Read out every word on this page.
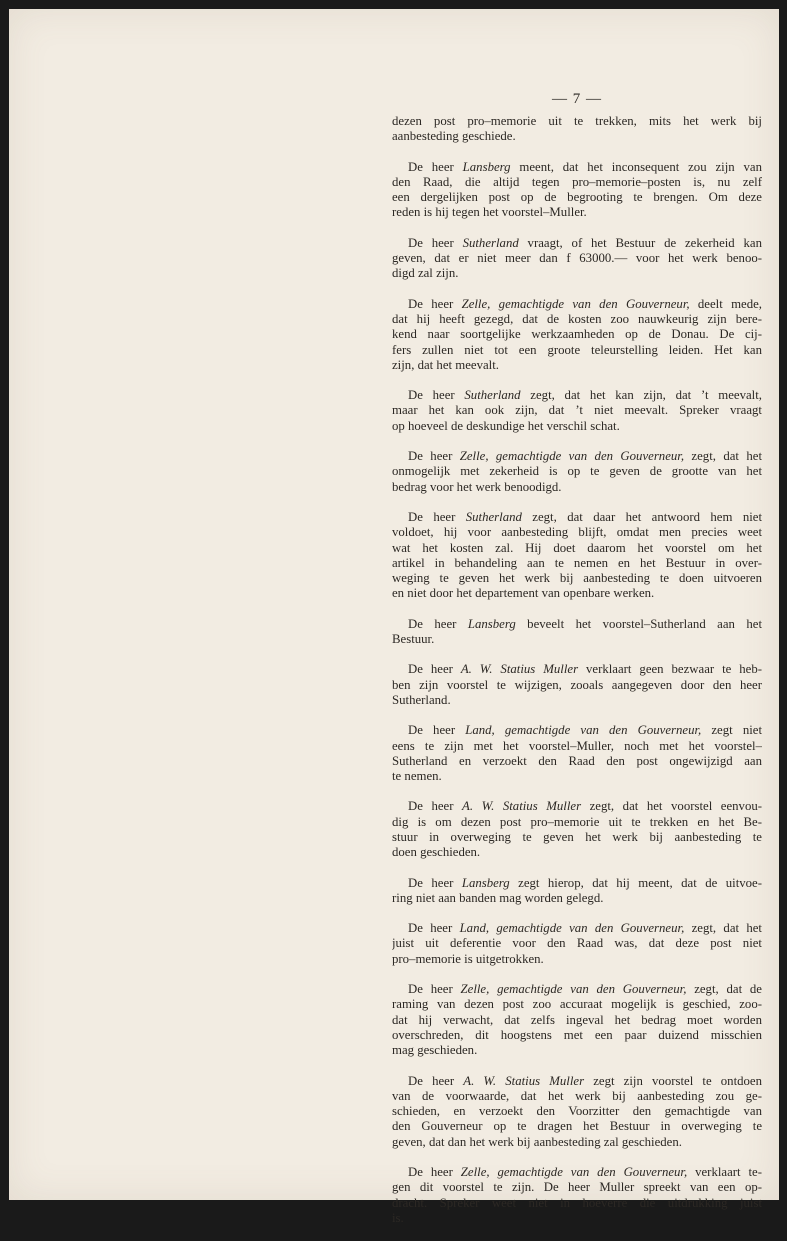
— 7 —
dezen post pro–memorie uit te trekken, mits het werk bij
aanbesteding geschiede.
De heer Lansberg meent, dat het inconsequent zou zijn van
den Raad, die altijd tegen pro–memorie–posten is, nu zelf
een dergelijken post op de begrooting te brengen. Om deze
reden is hij tegen het voorstel–Muller.
De heer Sutherland vraagt, of het Bestuur de zekerheid kan
geven, dat er niet meer dan f 63000.— voor het werk benoo-
digd zal zijn.
De heer Zelle, gemachtigde van den Gouverneur, deelt mede,
dat hij heeft gezegd, dat de kosten zoo nauwkeurig zijn bere-
kend naar soortgelijke werkzaamheden op de Donau. De cij-
fers zullen niet tot een groote teleurstelling leiden. Het kan
zijn, dat het meevalt.
De heer Sutherland zegt, dat het kan zijn, dat ’t meevalt,
maar het kan ook zijn, dat ’t niet meevalt. Spreker vraagt
op hoeveel de deskundige het verschil schat.
De heer Zelle, gemachtigde van den Gouverneur, zegt, dat het
onmogelijk met zekerheid is op te geven de grootte van het
bedrag voor het werk benoodigd.
De heer Sutherland zegt, dat daar het antwoord hem niet
voldoet, hij voor aanbesteding blijft, omdat men precies weet
wat het kosten zal. Hij doet daarom het voorstel om het
artikel in behandeling aan te nemen en het Bestuur in over-
weging te geven het werk bij aanbesteding te doen uitvoeren
en niet door het departement van openbare werken.
De heer Lansberg beveelt het voorstel–Sutherland aan het
Bestuur.
De heer A. W. Statius Muller verklaart geen bezwaar te heb-
ben zijn voorstel te wijzigen, zooals aangegeven door den heer
Sutherland.
De heer Land, gemachtigde van den Gouverneur, zegt niet
eens te zijn met het voorstel–Muller, noch met het voorstel–
Sutherland en verzoekt den Raad den post ongewijzigd aan
te nemen.
De heer A. W. Statius Muller zegt, dat het voorstel eenvou-
dig is om dezen post pro–memorie uit te trekken en het Be-
stuur in overweging te geven het werk bij aanbesteding te
doen geschieden.
De heer Lansberg zegt hierop, dat hij meent, dat de uitvoe-
ring niet aan banden mag worden gelegd.
De heer Land, gemachtigde van den Gouverneur, zegt, dat het
juist uit deferentie voor den Raad was, dat deze post niet
pro–memorie is uitgetrokken.
De heer Zelle, gemachtigde van den Gouverneur, zegt, dat de
raming van dezen post zoo accuraat mogelijk is geschied, zoo-
dat hij verwacht, dat zelfs ingeval het bedrag moet worden
overschreden, dit hoogstens met een paar duizend misschien
mag geschieden.
De heer A. W. Statius Muller zegt zijn voorstel te ontdoen
van de voorwaarde, dat het werk bij aanbesteding zou ge-
schieden, en verzoekt den Voorzitter den gemachtigde van
den Gouverneur op te dragen het Bestuur in overweging te
geven, dat dan het werk bij aanbesteding zal geschieden.
De heer Zelle, gemachtigde van den Gouverneur, verklaart te-
gen dit voorstel te zijn. De heer Muller spreekt van een op-
dracht. Spreker weet niet in hoeverre die uitdrukking juist
is.
